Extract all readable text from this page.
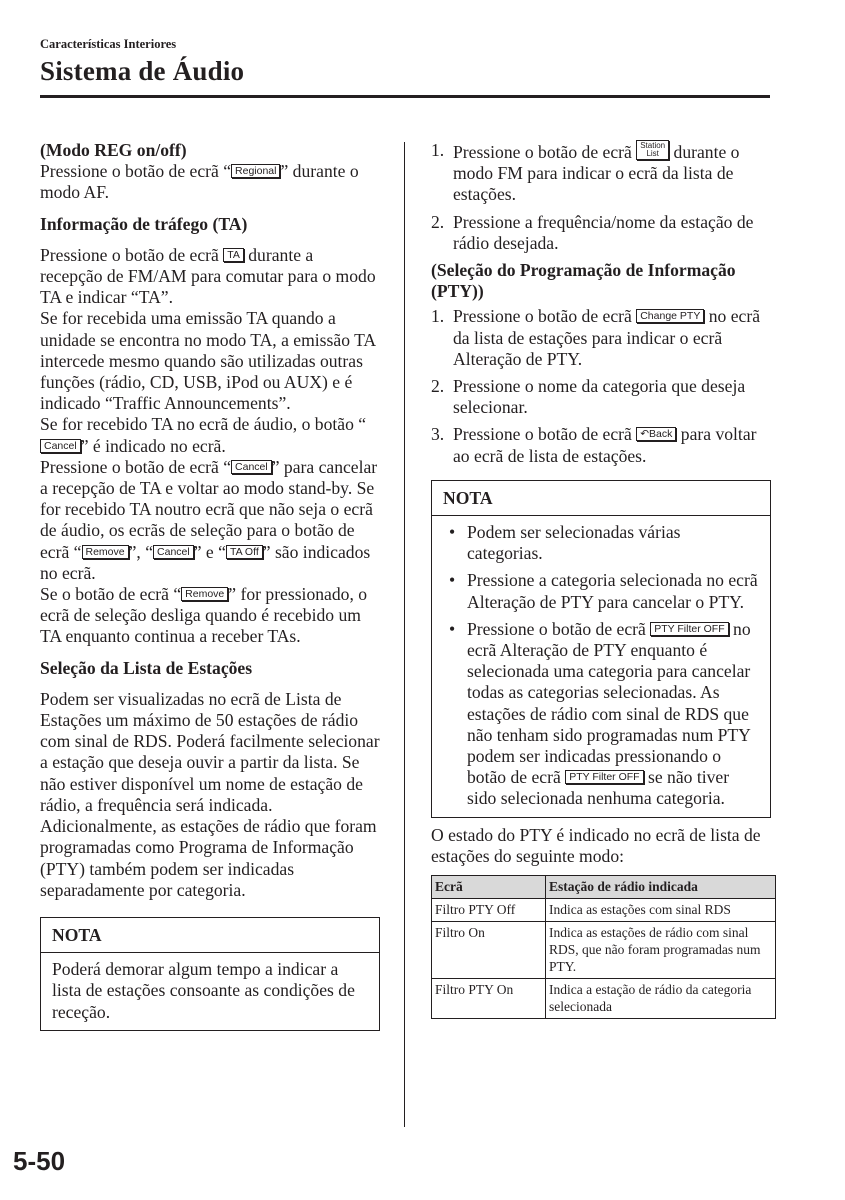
Características Interiores
Sistema de Áudio

(Modo REG on/off)

Pressione o botão de ecrã “ Regional ” durante o modo AF.

Informação de tráfego (TA)

Pressione o botão de ecrã TA durante a recepção de FM/AM para comutar para o modo TA e indicar “TA”.

Se for recebida uma emissão TA quando a unidade se encontra no modo TA, a emissão TA intercede mesmo quando são utilizadas outras funções (rádio, CD, USB, iPod ou AUX) e é indicado “Traffic Announcements”.

Se for recebido TA no ecrã de áudio, o botão “Cancel ” é indicado no ecrã.

Pressione o botão de ecrã “ Cancel ” para cancelar a recepção de TA e voltar ao modo stand-by. Se for recebido TA noutro ecrã que não seja o ecrã de áudio, os ecrãs de seleção para o botão de ecrã “ Remove ”, “ Cancel ” e “ TA Off ” são indicados no ecrã.

Se o botão de ecrã “ Remove ” for pressionado, o ecrã de seleção desliga quando é recebido um TA enquanto continua a receber TAs.

Seleção da Lista de Estações

Podem ser visualizadas no ecrã de Lista de Estações um máximo de 50 estações de rádio com sinal de RDS. Poderá facilmente selecionar a estação que deseja ouvir a partir da lista. Se não estiver disponível um nome de estação de rádio, a frequência será indicada. Adicionalmente, as estações de rádio que foram programadas como Programa de Informação (PTY) também podem ser indicadas separadamente por categoria.

NOTA
Poderá demorar algum tempo a indicar a lista de estações consoante as condições de receção.
1. Pressione o botão de ecrã Station
List durante o modo FM para indicar o ecrã da lista de estações.
2. Pressione a frequência/nome da estação de rádio desejada.

(Seleção do Programação de Informação (PTY))

1. Pressione o botão de ecrã Change PTY no ecrã da lista de estações para indicar o ecrã Alteração de PTY.
2. Pressione o nome da categoria que deseja selecionar.
3. Pressione o botão de ecrã ↶Back para voltar ao ecrã de lista de estações.
NOTA
• Podem ser selecionadas várias categorias.
• Pressione a categoria selecionada no ecrã Alteração de PTY para cancelar o PTY.
• Pressione o botão de ecrã PTY Filter OFF no ecrã Alteração de PTY enquanto é selecionada uma categoria para cancelar todas as categorias selecionadas. As estações de rádio com sinal de RDS que não tenham sido programadas num PTY podem ser indicadas pressionando o botão de ecrã PTY Filter OFF se não tiver sido selecionada nenhuma categoria.

O estado do PTY é indicado no ecrã de lista de estações do seguinte modo:

Ecrã	Estação de rádio indicada
Filtro PTY Off	Indica as estações com sinal RDS
Filtro On	Indica as estações de rádio com sinal RDS, que não foram programadas num PTY.
Filtro PTY On	Indica a estação de rádio da categoria selecionada
5-50
